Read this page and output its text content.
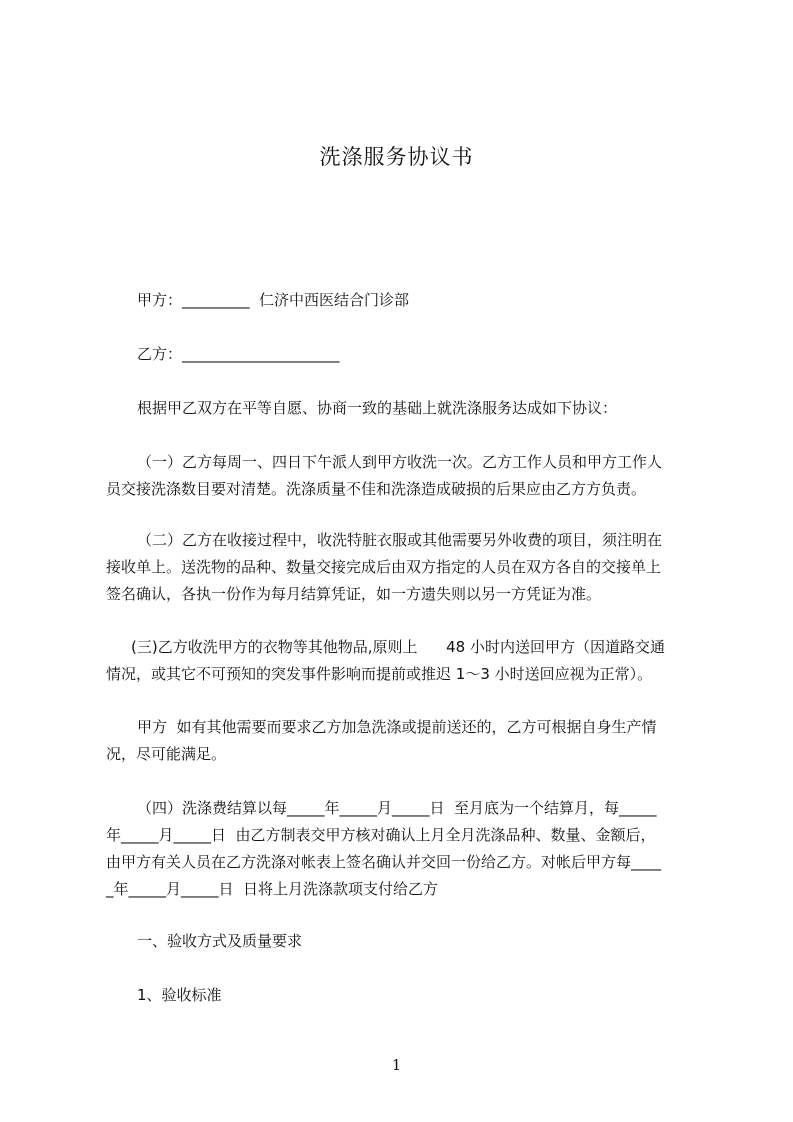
洗涤服务协议书
甲方：_________  仁济中西医结合门诊部
乙方：_____________________
根据甲乙双方在平等自愿、协商一致的基础上就洗涤服务达成如下协议：
（一）乙方每周一、四日下午派人到甲方收洗一次。乙方工作人员和甲方工作人
员交接洗涤数目要对清楚。洗涤质量不佳和洗涤造成破损的后果应由乙方方负责。
（二）乙方在收接过程中，收洗特脏衣服或其他需要另外收费的项目，须注明在
接收单上。送洗物的品种、数量交接完成后由双方指定的人员在双方各自的交接单上
签名确认，各执一份作为每月结算凭证，如一方遗失则以另一方凭证为准。
(三)乙方收洗甲方的衣物等其他物品,原则上      48 小时内送回甲方（因道路交通
情况，或其它不可预知的突发事件影响而提前或推迟 1～3 小时送回应视为正常）。
甲方  如有其他需要而要求乙方加急洗涤或提前送还的，乙方可根据自身生产情
况，尽可能满足。
（四）洗涤费结算以每_____年_____月_____日  至月底为一个结算月，每_____
年_____月_____日  由乙方制表交甲方核对确认上月全月洗涤品种、数量、金额后，
由甲方有关人员在乙方洗涤对帐表上签名确认并交回一份给乙方。对帐后甲方每____
_年_____月_____日  日将上月洗涤款项支付给乙方
一、验收方式及质量要求
1、验收标准
1
